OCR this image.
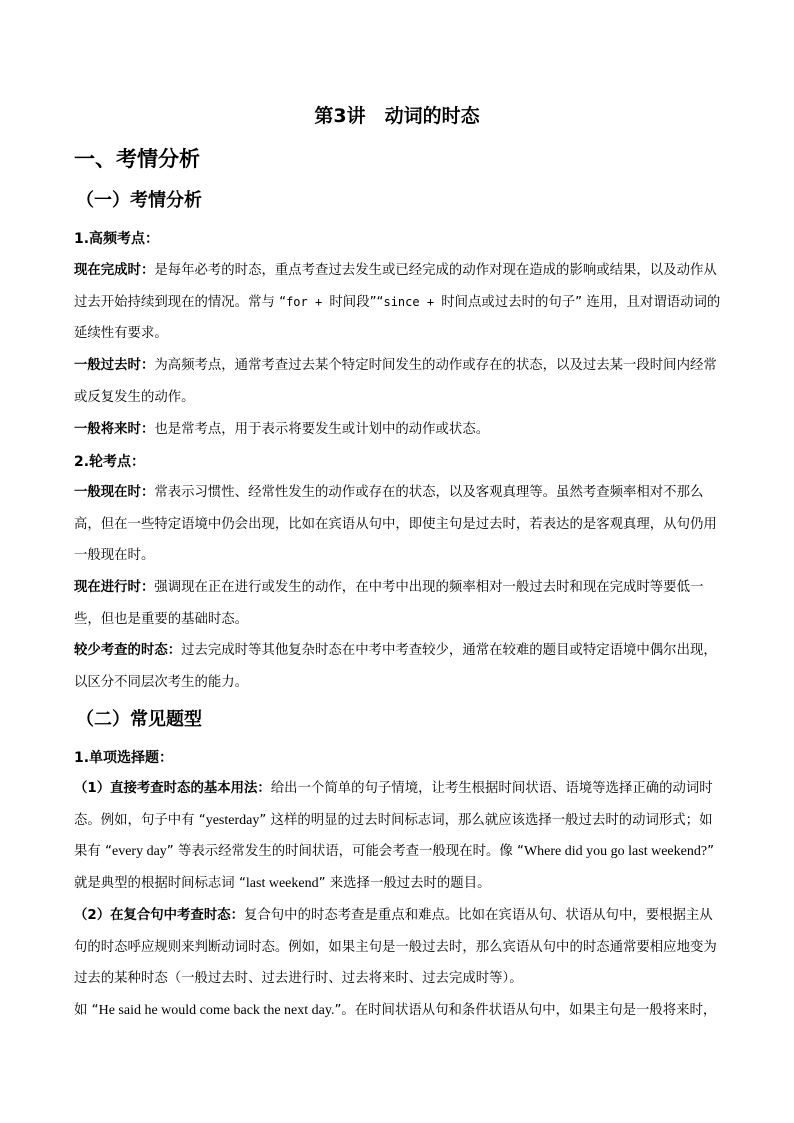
第3讲　动词的时态
一、考情分析
（一）考情分析
1.高频考点：
现在完成时：是每年必考的时态，重点考查过去发生或已经完成的动作对现在造成的影响或结果，以及动作从过去开始持续到现在的情况。常与 “for + 时间段”“since + 时间点或过去时的句子” 连用，且对谓语动词的延续性有要求。
一般过去时：为高频考点，通常考查过去某个特定时间发生的动作或存在的状态，以及过去某一段时间内经常或反复发生的动作。
一般将来时：也是常考点，用于表示将要发生或计划中的动作或状态。
2.轮考点：
一般现在时：常表示习惯性、经常性发生的动作或存在的状态，以及客观真理等。虽然考查频率相对不那么高，但在一些特定语境中仍会出现，比如在宾语从句中，即使主句是过去时，若表达的是客观真理，从句仍用一般现在时。
现在进行时：强调现在正在进行或发生的动作，在中考中出现的频率相对一般过去时和现在完成时等要低一些，但也是重要的基础时态。
较少考查的时态：过去完成时等其他复杂时态在中考中考查较少，通常在较难的题目或特定语境中偶尔出现，以区分不同层次考生的能力。
（二）常见题型
1.单项选择题：
（1）直接考查时态的基本用法：给出一个简单的句子情境，让考生根据时间状语、语境等选择正确的动词时态。例如，句子中有 “yesterday” 这样的明显的过去时间标志词，那么就应该选择一般过去时的动词形式；如果有 “every day” 等表示经常发生的时间状语，可能会考查一般现在时。像 “Where did you go last weekend?” 就是典型的根据时间标志词 “last weekend” 来选择一般过去时的题目。
（2）在复合句中考查时态：复合句中的时态考查是重点和难点。比如在宾语从句、状语从句中，要根据主从句的时态呼应规则来判断动词时态。例如，如果主句是一般过去时，那么宾语从句中的时态通常要相应地变为过去的某种时态（一般过去时、过去进行时、过去将来时、过去完成时等）。
如 “He said he would come back the next day.”。在时间状语从句和条件状语从句中，如果主句是一般将来时，
